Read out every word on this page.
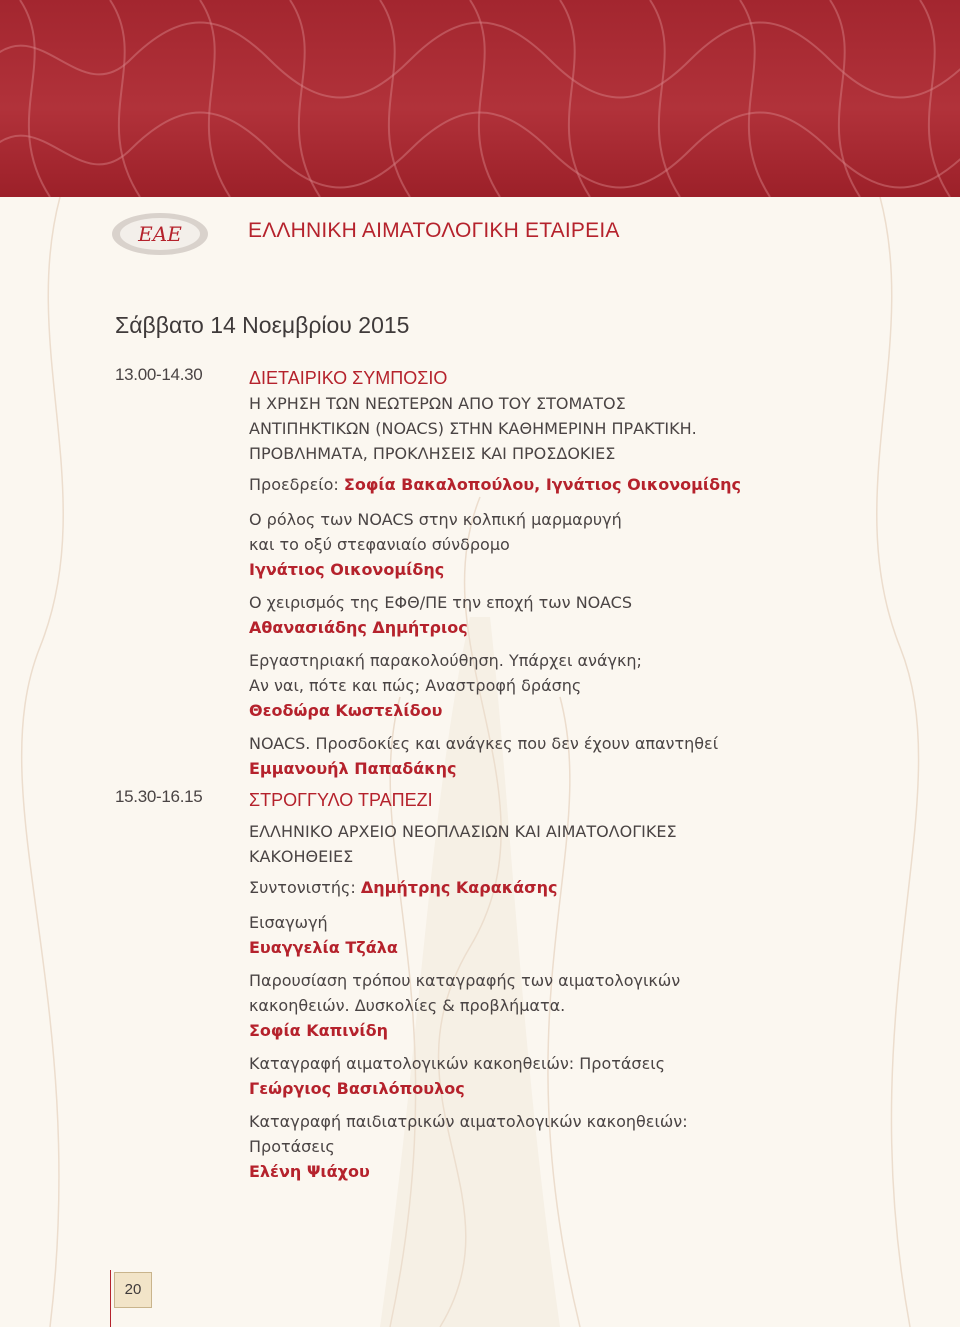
ΕΑΕ	ΕΛΛΗΝΙΚΗ ΑΙΜΑΤΟΛΟΓΙΚΗ ΕΤΑΙΡΕΙΑ
Σάββατο 14 Νοεμβρίου 2015
13.00-14.30	ΔΙΕΤΑΙΡΙΚΟ ΣΥΜΠΟΣΙΟ
Η ΧΡΗΣΗ ΤΩΝ ΝΕΩΤΕΡΩΝ ΑΠΟ ΤΟΥ ΣΤΟΜΑΤΟΣ
ΑΝΤΙΠΗΚΤΙΚΩΝ (NOACS) ΣΤΗΝ ΚΑΘΗΜΕΡΙΝΗ ΠΡΑΚΤΙΚΗ.
ΠΡΟΒΛΗΜΑΤΑ, ΠΡΟΚΛΗΣΕΙΣ ΚΑΙ ΠΡΟΣΔΟΚΙΕΣ
Προεδρείο: Σοφία Βακαλοπούλου, Ιγνάτιος Οικονομίδης
Ο ρόλος των NOACS στην κολπική μαρμαρυγή
και το οξύ στεφανιαίο σύνδρομο
Ιγνάτιος Οικονομίδης
Ο χειρισμός της ΕΦΘ/ΠΕ την εποχή των NOACS
Αθανασιάδης Δημήτριος
Εργαστηριακή παρακολούθηση. Υπάρχει ανάγκη;
Αν ναι, πότε και πώς; Αναστροφή δράσης
Θεοδώρα Κωστελίδου
NOACS. Προσδοκίες και ανάγκες που δεν έχουν απαντηθεί
Εμμανουήλ Παπαδάκης
15.30-16.15	ΣΤΡΟΓΓΥΛΟ ΤΡΑΠΕΖΙ
ΕΛΛΗΝΙΚΟ ΑΡΧΕΙΟ ΝΕΟΠΛΑΣΙΩΝ ΚΑΙ ΑΙΜΑΤΟΛΟΓΙΚΕΣ
ΚΑΚΟΗΘΕΙΕΣ
Συντονιστής: Δημήτρης Καρακάσης
Εισαγωγή
Ευαγγελία Τζάλα
Παρουσίαση τρόπου καταγραφής των αιματολογικών
κακοηθειών. Δυσκολίες & προβλήματα.
Σοφία Καπινίδη
Καταγραφή αιματολογικών κακοηθειών: Προτάσεις
Γεώργιος Βασιλόπουλος
Καταγραφή παιδιατρικών αιματολογικών κακοηθειών:
Προτάσεις
Ελένη Ψιάχου
20
